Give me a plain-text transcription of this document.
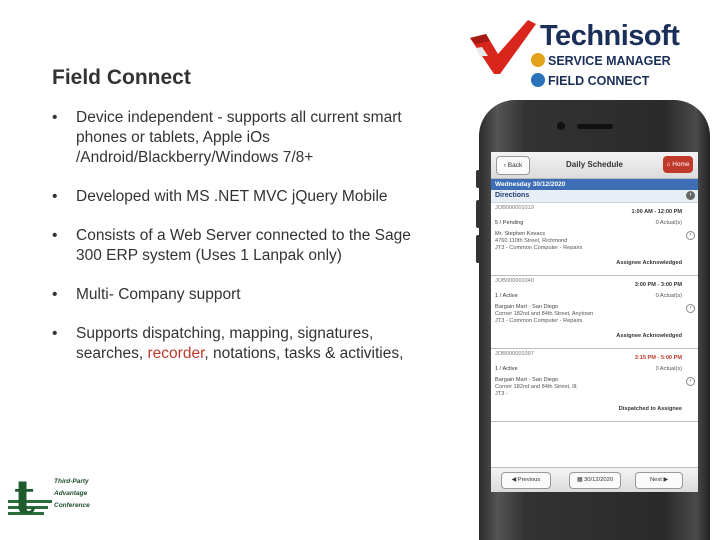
Field Connect
• Device independent - supports all current smart phones or tablets, Apple iOs /Android/Blackberry/Windows 7/8+
• Developed with MS .NET MVC jQuery Mobile
• Consists of a Web Server connected to the Sage 300 ERP system (Uses 1 Lanpak only)
• Multi- Company support
• Supports dispatching, mapping, signatures, searches, recorder, notations, tasks & activities,
Technisoft
SERVICE MANAGER
FIELD CONNECT
‹ Back	Daily Schedule	⌂ Home
Wednesday 30/12/2020
Directions	›
JOB000001019
1:00 AM - 12:00 PM
5 / Pending	0 Actual(s)
Mr. Stephen Kovacs
4760 110th Street, Richmond
JT3 - Common Computer - Repairs
Assignee Acknowledged
›
JOB000001040
3:00 PM - 3:00 PM
1 / Active	0 Actual(s)
Bargain Mart - San Diego
Corner 182nd and 84th Street, Anytown
JT3 - Common Computer - Repairs
Assignee Acknowledged
›
JOB000001097
3:15 PM - 5:00 PM
1 / Active	0 Actual(s)
Bargain Mart - San Diego
Corner 182nd and 84th Street, Ill;
JT3 -
Dispatched to Assignee
›
◀ Previous	▦ 30/12/2020	Next ▶
t	Third-Party
Advantage
Conference
